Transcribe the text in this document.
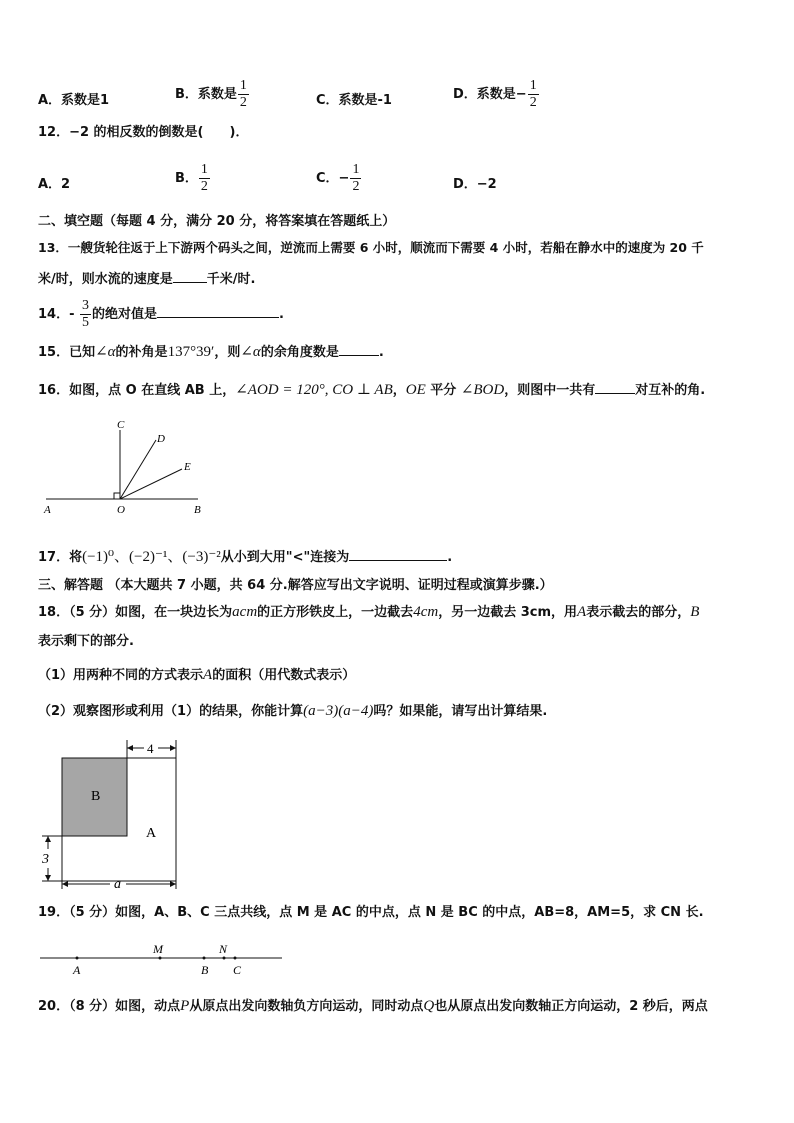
A．系数是1	B．系数是 $\frac{1}{2}$	C．系数是-1	D．系数是− $\frac{1}{2}$
12．−2 的相反数的倒数是(　　)．
A．2	B． $\frac{1}{2}$	C．− $\frac{1}{2}$	D．−2
二、填空题（每题 4 分，满分 20 分，将答案填在答题纸上）
13．一艘货轮往返于上下游两个码头之间，逆流而上需要 6 小时，顺流而下需要 4 小时，若船在静水中的速度为 20 千
米/时，则水流的速度是	千米/时.
14．- $\frac{3}{5}$ 的绝对值是	.
15．已知∠α的补角是137°39′，则∠α的余角度数是	.
16．如图，点 O 在直线 AB 上，∠AOD = 120°, CO ⊥ AB，OE 平分 ∠BOD，则图中一共有	对互补的角.
C
D
E
A	O	B
17．将(−1)⁰、(−2)⁻¹、(−3)⁻²从小到大用"<"连接为	.
三、解答题 （本大题共 7 小题，共 64 分.解答应写出文字说明、证明过程或演算步骤.）
18．（5 分）如图，在一块边长为acm的正方形铁皮上，一边截去4cm，另一边截去 3cm，用A表示截去的部分，B
表示剩下的部分.
（1）用两种不同的方式表示A的面积（用代数式表示）
（2）观察图形或利用（1）的结果，你能计算(a−3)(a−4)吗？如果能，请写出计算结果.
4
3
a
B
A
19．（5 分）如图，A、B、C 三点共线，点 M 是 AC 的中点，点 N 是 BC 的中点，AB=8，AM=5，求 CN 长.
M	N
A	B C
20．（8 分）如图，动点P从原点出发向数轴负方向运动，同时动点Q也从原点出发向数轴正方向运动，2 秒后，两点
